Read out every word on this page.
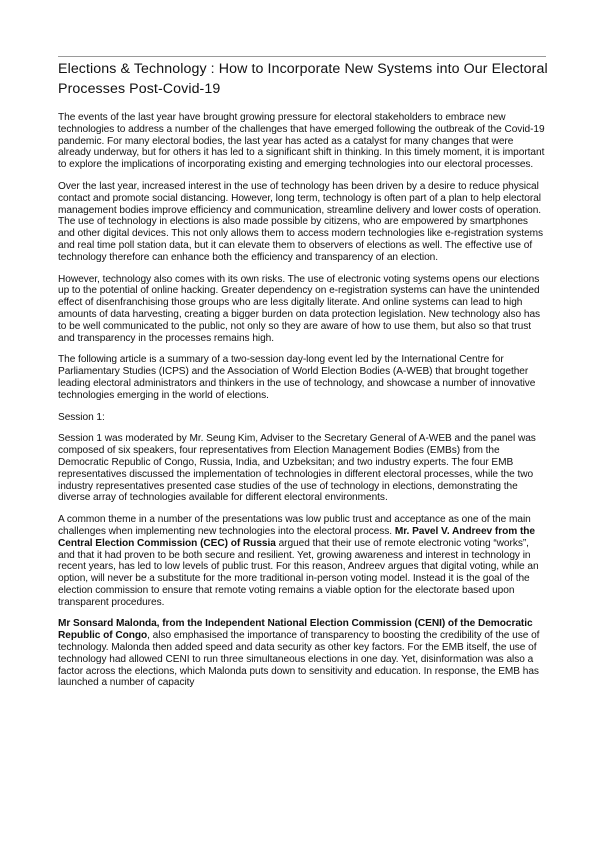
Elections & Technology : How to Incorporate New Systems into Our Electoral Processes Post-Covid-19

The events of the last year have brought growing pressure for electoral stakeholders to embrace new technologies to address a number of the challenges that have emerged following the outbreak of the Covid-19 pandemic. For many electoral bodies, the last year has acted as a catalyst for many changes that were already underway, but for others it has led to a significant shift in thinking. In this timely moment, it is important to explore the implications of incorporating existing and emerging technologies into our electoral processes.

Over the last year, increased interest in the use of technology has been driven by a desire to reduce physical contact and promote social distancing. However, long term, technology is often part of a plan to help electoral management bodies improve efficiency and communication, streamline delivery and lower costs of operation. The use of technology in elections is also made possible by citizens, who are empowered by smartphones and other digital devices. This not only allows them to access modern technologies like e-registration systems and real time poll station data, but it can elevate them to observers of elections as well. The effective use of technology therefore can enhance both the efficiency and transparency of an election.

However, technology also comes with its own risks. The use of electronic voting systems opens our elections up to the potential of online hacking. Greater dependency on e-registration systems can have the unintended effect of disenfranchising those groups who are less digitally literate. And online systems can lead to high amounts of data harvesting, creating a bigger burden on data protection legislation. New technology also has to be well communicated to the public, not only so they are aware of how to use them, but also so that trust and transparency in the processes remains high.

The following article is a summary of a two-session day-long event led by the International Centre for Parliamentary Studies (ICPS) and the Association of World Election Bodies (A-WEB) that brought together leading electoral administrators and thinkers in the use of technology, and showcase a number of innovative technologies emerging in the world of elections.

Session 1:

Session 1 was moderated by Mr. Seung Kim, Adviser to the Secretary General of A-WEB and the panel was composed of six speakers, four representatives from Election Management Bodies (EMBs) from the Democratic Republic of Congo, Russia, India, and Uzbeksitan; and two industry experts. The four EMB representatives discussed the implementation of technologies in different electoral processes, while the two industry representatives presented case studies of the use of technology in elections, demonstrating the diverse array of technologies available for different electoral environments.

A common theme in a number of the presentations was low public trust and acceptance as one of the main challenges when implementing new technologies into the electoral process. Mr. Pavel V. Andreev from the Central Election Commission (CEC) of Russia argued that their use of remote electronic voting “works”, and that it had proven to be both secure and resilient. Yet, growing awareness and interest in technology in recent years, has led to low levels of public trust. For this reason, Andreev argues that digital voting, while an option, will never be a substitute for the more traditional in-person voting model. Instead it is the goal of the election commission to ensure that remote voting remains a viable option for the electorate based upon transparent procedures.

Mr Sonsard Malonda, from the Independent National Election Commission (CENI) of the Democratic Republic of Congo, also emphasised the importance of transparency to boosting the credibility of the use of technology. Malonda then added speed and data security as other key factors. For the EMB itself, the use of technology had allowed CENI to run three simultaneous elections in one day. Yet, disinformation was also a factor across the elections, which Malonda puts down to sensitivity and education. In response, the EMB has launched a number of capacity
